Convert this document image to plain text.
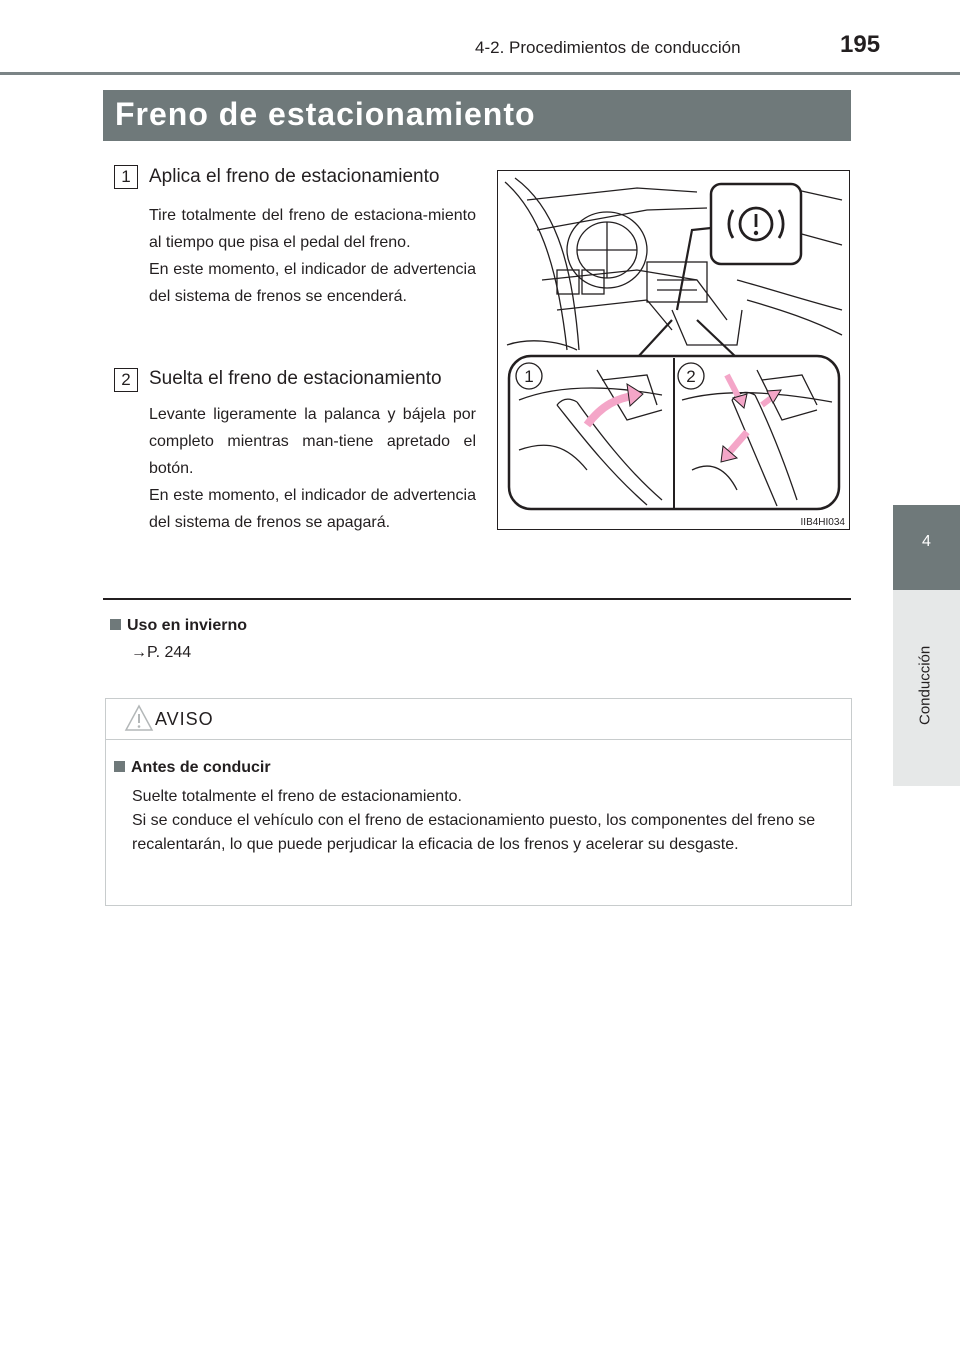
4-2. Procedimientos de conducción	195
4
Conducción
Freno de estacionamiento
1 Aplica el freno de estacionamiento

Tire totalmente del freno de estaciona-miento al tiempo que pisa el pedal del freno.

En este momento, el indicador de advertencia del sistema de frenos se encenderá.

2 Suelta el freno de estacionamiento

Levante ligeramente la palanca y bájela por completo mientras man-tiene apretado el botón.

En este momento, el indicador de advertencia del sistema de frenos se apagará.

1	2
IIB4HI034
Uso en invierno
→P. 244
AVISO
Antes de conducir

Suelte totalmente el freno de estacionamiento.

Si se conduce el vehículo con el freno de estacionamiento puesto, los componentes del freno se recalentarán, lo que puede perjudicar la eficacia de los frenos y acelerar su desgaste.
